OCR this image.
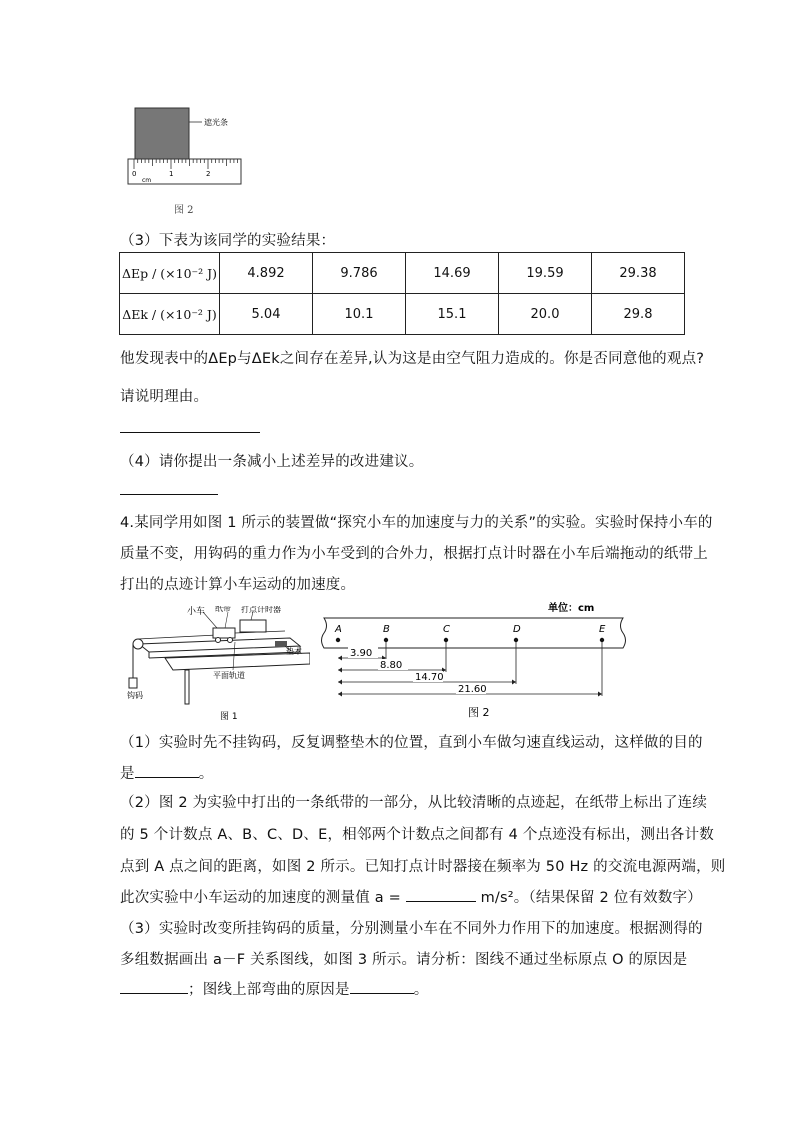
遮光条
0	1	2
cm
图 2
（3）下表为该同学的实验结果：
ΔEp / (×10⁻² J)	4.892	9.786	14.69	19.59	29.38
ΔEk / (×10⁻² J)	5.04	10.1	15.1	20.0	29.8
他发现表中的ΔEp与ΔEk之间存在差异,认为这是由空气阻力造成的。你是否同意他的观点?
请说明理由。
（4）请你提出一条减小上述差异的改进建议。
4.某同学用如图 1 所示的装置做“探究小车的加速度与力的关系”的实验。实验时保持小车的
质量不变，用钩码的重力作为小车受到的合外力，根据打点计时器在小车后端拖动的纸带上
打出的点迹计算小车运动的加速度。
小车 纸带 打点计时器
垫木
平面轨道
钩码
图 1
单位：cm
A	B
3.90
C
8.80
D
14.70
E
21.60
图 2
（1）实验时先不挂钩码，反复调整垫木的位置，直到小车做匀速直线运动，这样做的目的
是	。
（2）图 2 为实验中打出的一条纸带的一部分，从比较清晰的点迹起，在纸带上标出了连续
的 5 个计数点 A、B、C、D、E，相邻两个计数点之间都有 4 个点迹没有标出，测出各计数
点到 A 点之间的距离，如图 2 所示。已知打点计时器接在频率为 50 Hz 的交流电源两端，则
此次实验中小车运动的加速度的测量值 a =	m/s²。（结果保留 2 位有效数字）
（3）实验时改变所挂钩码的质量，分别测量小车在不同外力作用下的加速度。根据测得的
多组数据画出 a－F 关系图线，如图 3 所示。请分析：图线不通过坐标原点 O 的原因是
；图线上部弯曲的原因是	。
